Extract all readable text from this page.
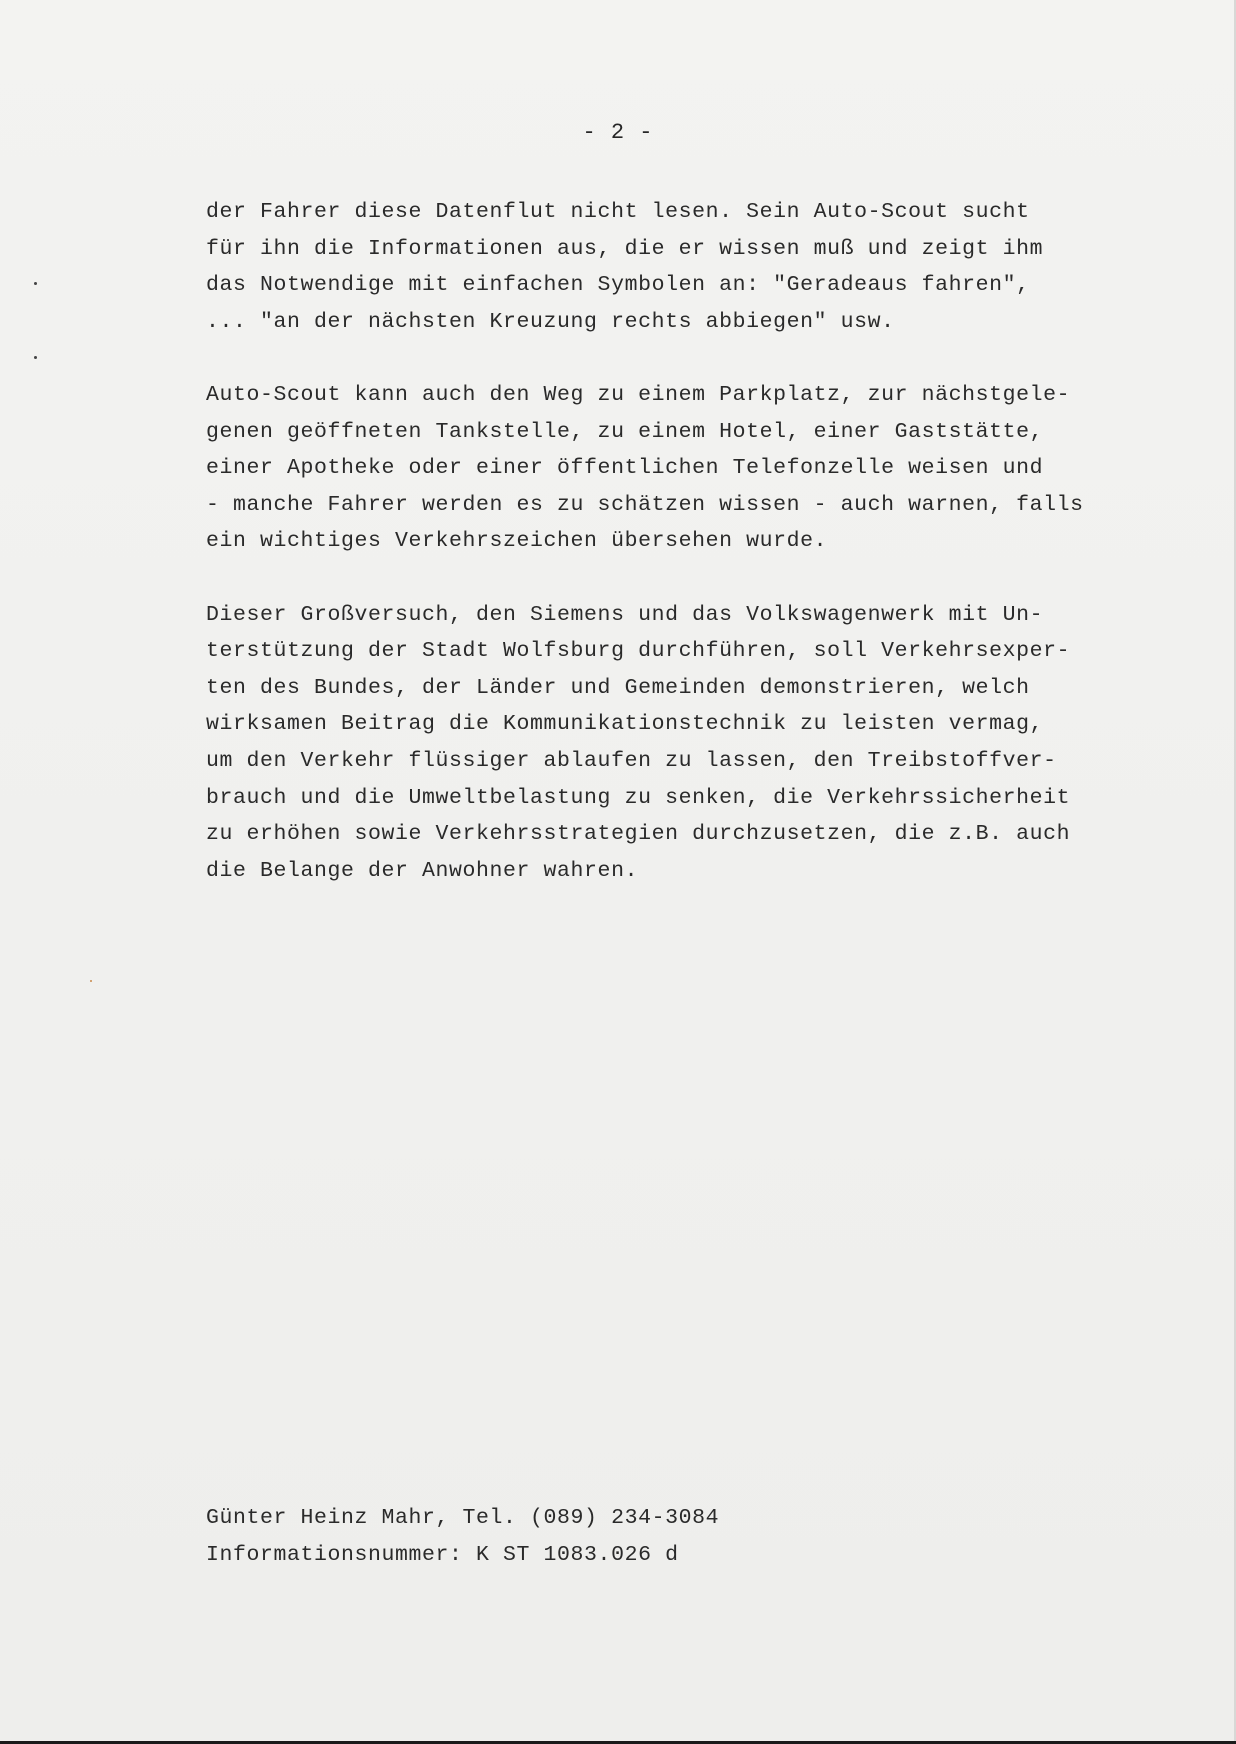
- 2 -
der Fahrer diese Datenflut nicht lesen. Sein Auto-Scout sucht
für ihn die Informationen aus, die er wissen muß und zeigt ihm
das Notwendige mit einfachen Symbolen an: "Geradeaus fahren",
... "an der nächsten Kreuzung rechts abbiegen" usw.
Auto-Scout kann auch den Weg zu einem Parkplatz, zur nächstgele-
genen geöffneten Tankstelle, zu einem Hotel, einer Gaststätte,
einer Apotheke oder einer öffentlichen Telefonzelle weisen und
- manche Fahrer werden es zu schätzen wissen - auch warnen, falls
ein wichtiges Verkehrszeichen übersehen wurde.
Dieser Großversuch, den Siemens und das Volkswagenwerk mit Un-
terstützung der Stadt Wolfsburg durchführen, soll Verkehrsexper-
ten des Bundes, der Länder und Gemeinden demonstrieren, welch
wirksamen Beitrag die Kommunikationstechnik zu leisten vermag,
um den Verkehr flüssiger ablaufen zu lassen, den Treibstoffver-
brauch und die Umweltbelastung zu senken, die Verkehrssicherheit
zu erhöhen sowie Verkehrsstrategien durchzusetzen, die z.B. auch
die Belange der Anwohner wahren.
Günter Heinz Mahr, Tel. (089) 234-3084
Informationsnummer: K ST 1083.026 d
